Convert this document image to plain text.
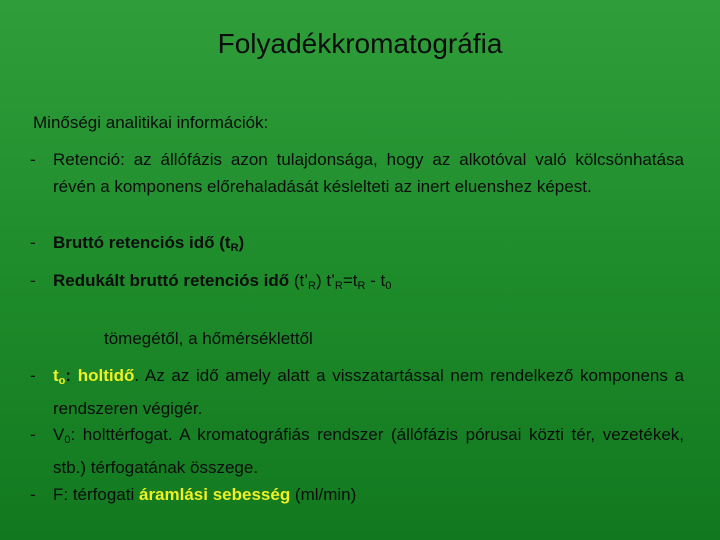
Folyadékkromatográfia
Minőségi analitikai információk:
- Retenció: az állófázis azon tulajdonsága, hogy az alkotóval való kölcsönhatása révén a komponens előrehaladását késlelteti az inert eluenshez képest.
- Bruttó retenciós idő $(t_R)$
- Redukált bruttó retenciós idő $(t’_R)$ $t’_R=t_R - t_0$
tömegétől, a hőmérséklettől
- $t_o$: holtidő. Az az idő amely alatt a visszatartással nem rendelkező komponens a rendszeren végigér.
- $V_0$: holttérfogat. A kromatográfiás rendszer (állófázis pórusai közti tér, vezetékek, stb.) térfogatának összege.
- F: térfogati áramlási sebesség (ml/min)
